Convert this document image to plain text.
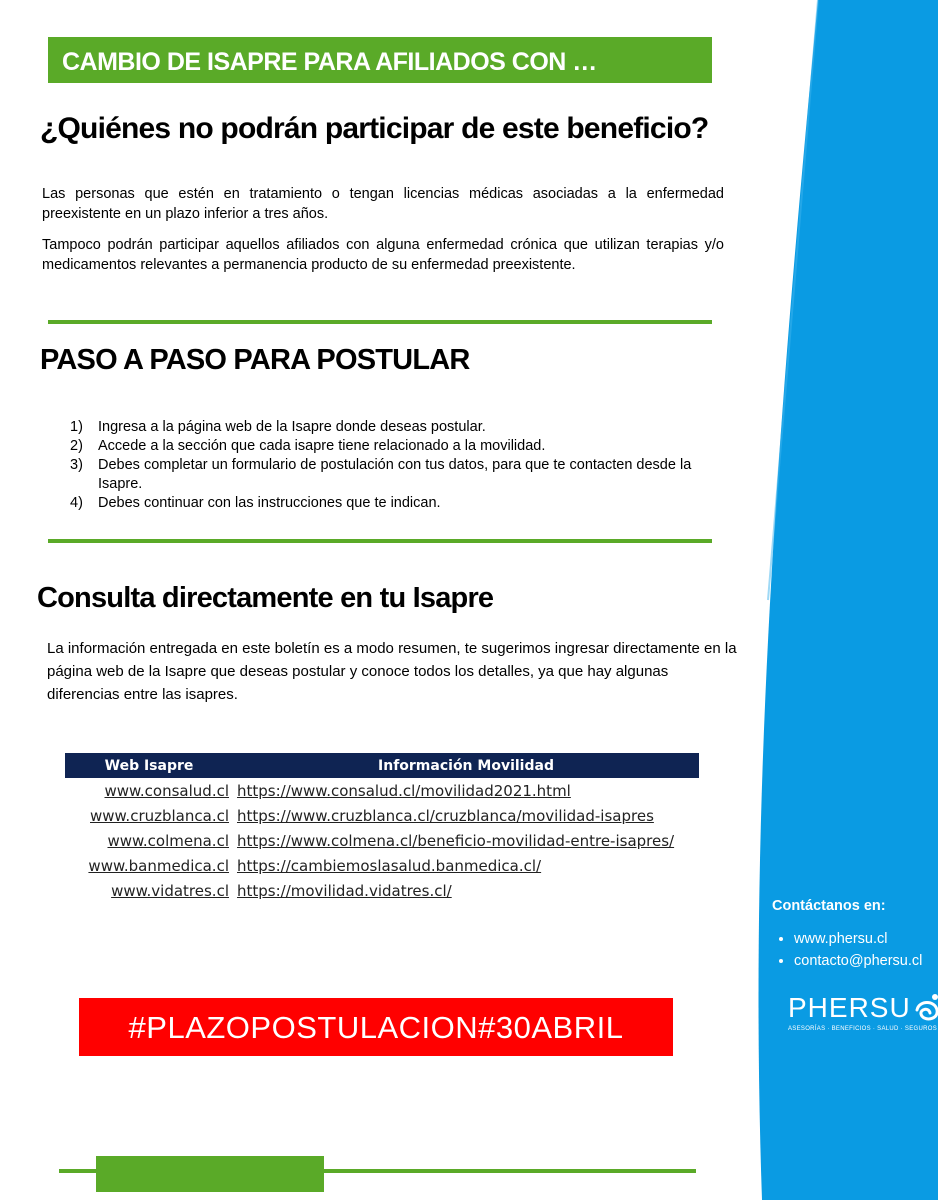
CAMBIO DE ISAPRE PARA AFILIADOS CON …
¿Quiénes no podrán participar de este beneficio?
Las personas que estén en tratamiento o tengan licencias médicas asociadas a la enfermedad preexistente en un plazo inferior a tres años.
Tampoco podrán participar aquellos afiliados con alguna enfermedad crónica que utilizan terapias y/o medicamentos relevantes a permanencia producto de su enfermedad preexistente.
PASO A PASO PARA POSTULAR
1)	Ingresa a la página web de la Isapre donde deseas postular.
2)	Accede a la sección que cada isapre tiene relacionado a la movilidad.
3)	Debes completar un formulario de postulación con tus datos, para que te contacten desde la Isapre.
4)	Debes continuar con las instrucciones que te indican.
Consulta directamente en tu Isapre
La información entregada en este boletín es a modo resumen, te sugerimos ingresar directamente en la página web de la Isapre que deseas postular y conoce todos los detalles, ya que hay algunas diferencias entre las isapres.
Web Isapre	Información Movilidad
www.consalud.cl	https://www.consalud.cl/movilidad2021.html
www.cruzblanca.cl	https://www.cruzblanca.cl/cruzblanca/movilidad-isapres
www.colmena.cl	https://www.colmena.cl/beneficio-movilidad-entre-isapres/
www.banmedica.cl	https://cambiemoslasalud.banmedica.cl/
www.vidatres.cl	https://movilidad.vidatres.cl/
#PLAZOPOSTULACION#30ABRIL
Contáctanos en:
• www.phersu.cl
• contacto@phersu.cl
PHERSU
ASESORÍAS · BENEFICIOS · SALUD · SEGUROS
